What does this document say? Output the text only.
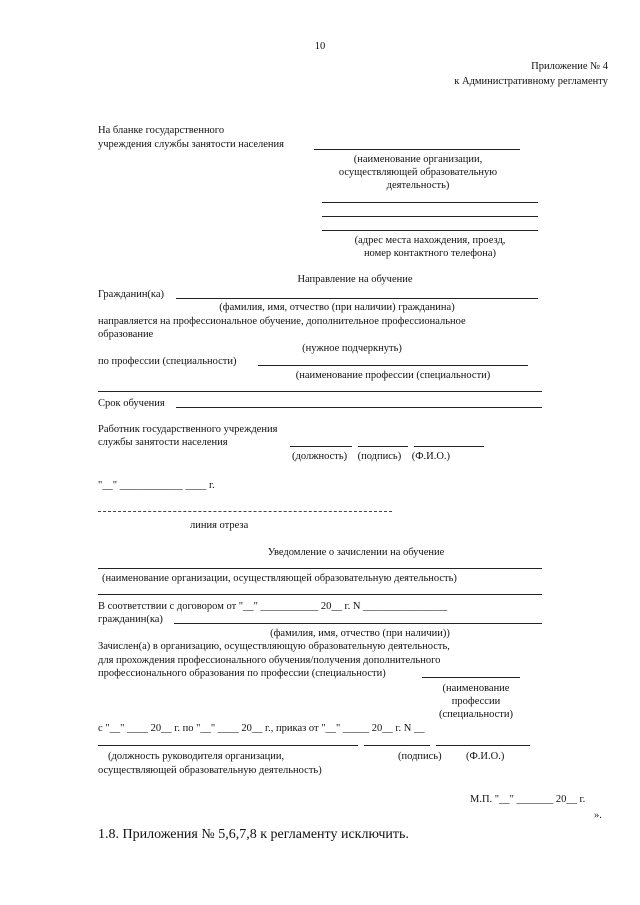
10
Приложение № 4
к Административному регламенту
На бланке государственного
учреждения службы занятости населения
(наименование организации,
осуществляющей образовательную
деятельность)
(адрес места нахождения, проезд,
номер контактного телефона)
Направление на обучение
Гражданин(ка)
(фамилия, имя, отчество (при наличии) гражданина)
направляется на профессиональное обучение, дополнительное профессиональное
образование
(нужное подчеркнуть)
по профессии (специальности)
(наименование профессии (специальности)
Срок обучения
Работник государственного учреждения
службы занятости населения
(должность)    (подпись)    (Ф.И.О.)
"__" ____________ ____ г.
линия отреза
Уведомление о зачислении на обучение
(наименование организации, осуществляющей образовательную деятельность)
В соответствии с договором от "__" ___________ 20__ г. N ________________
гражданин(ка)
(фамилия, имя, отчество (при наличии))
Зачислен(а) в организацию, осуществляющую образовательную деятельность,
для прохождения профессионального обучения/получения дополнительного
профессионального образования по профессии (специальности)
(наименование
профессии
(специальности)
с "__" ____ 20__ г. по "__" ____ 20__ г., приказ от "__" _____ 20__ г. N __
(должность руководителя организации,
осуществляющей образовательную деятельность)
(подпись) (Ф.И.О.)
М.П. "__" _______ 20__ г.
».
1.8. Приложения № 5,6,7,8 к регламенту исключить.
